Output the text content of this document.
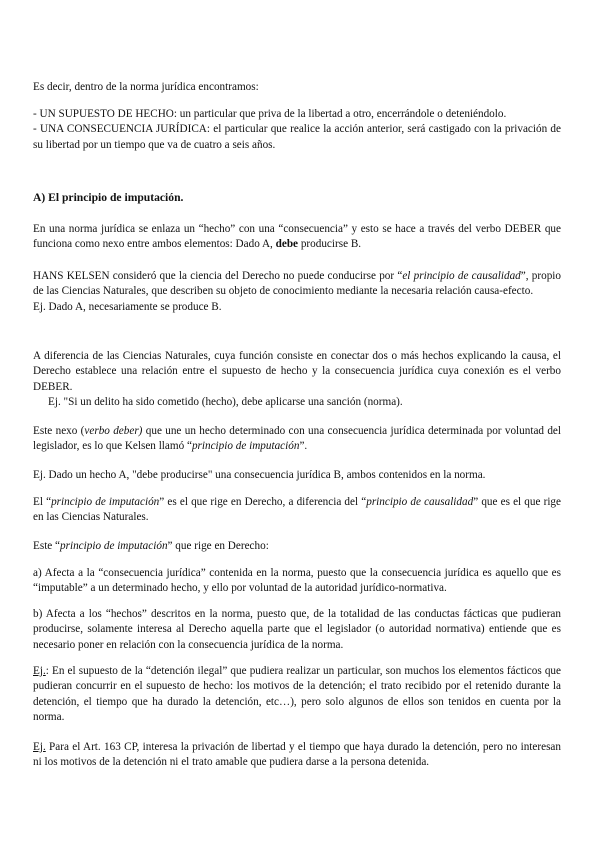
Es decir, dentro de la norma jurídica encontramos:

- UN SUPUESTO DE HECHO: un particular que priva de la libertad a otro, encerrándole o deteniéndolo.
- UNA CONSECUENCIA JURÍDICA: el particular que realice la acción anterior, será castigado con la privación de su libertad por un tiempo que va de cuatro a seis años.

A) El principio de imputación.

En una norma jurídica se enlaza un “hecho” con una “consecuencia” y esto se hace a través del verbo DEBER que funciona como nexo entre ambos elementos: Dado A, debe producirse B.

HANS KELSEN consideró que la ciencia del Derecho no puede conducirse por “el principio de causalidad”, propio de las Ciencias Naturales, que describen su objeto de conocimiento mediante la necesaria relación causa-efecto.
Ej. Dado A, necesariamente se produce B.
A diferencia de las Ciencias Naturales, cuya función consiste en conectar dos o más hechos explicando la causa, el Derecho establece una relación entre el supuesto de hecho y la consecuencia jurídica cuya conexión es el verbo DEBER.
Ej. "Si un delito ha sido cometido (hecho), debe aplicarse una sanción (norma).

Este nexo (verbo deber) que une un hecho determinado con una consecuencia jurídica determinada por voluntad del legislador, es lo que Kelsen llamó “principio de imputación”.

Ej. Dado un hecho A, "debe producirse" una consecuencia jurídica B, ambos contenidos en la norma.

El “principio de imputación” es el que rige en Derecho, a diferencia del “principio de causalidad” que es el que rige en las Ciencias Naturales.

Este “principio de imputación” que rige en Derecho:

a) Afecta a la “consecuencia jurídica” contenida en la norma, puesto que la consecuencia jurídica es aquello que es “imputable” a un determinado hecho, y ello por voluntad de la autoridad jurídico-normativa.

b) Afecta a los “hechos” descritos en la norma, puesto que, de la totalidad de las conductas fácticas que pudieran producirse, solamente interesa al Derecho aquella parte que el legislador (o autoridad normativa) entiende que es necesario poner en relación con la consecuencia jurídica de la norma.

Ej.: En el supuesto de la “detención ilegal” que pudiera realizar un particular, son muchos los elementos fácticos que pudieran concurrir en el supuesto de hecho: los motivos de la detención; el trato recibido por el retenido durante la detención, el tiempo que ha durado la detención, etc…), pero solo algunos de ellos son tenidos en cuenta por la norma.

Ej. Para el Art. 163 CP, interesa la privación de libertad y el tiempo que haya durado la detención, pero no interesan ni los motivos de la detención ni el trato amable que pudiera darse a la persona detenida.
